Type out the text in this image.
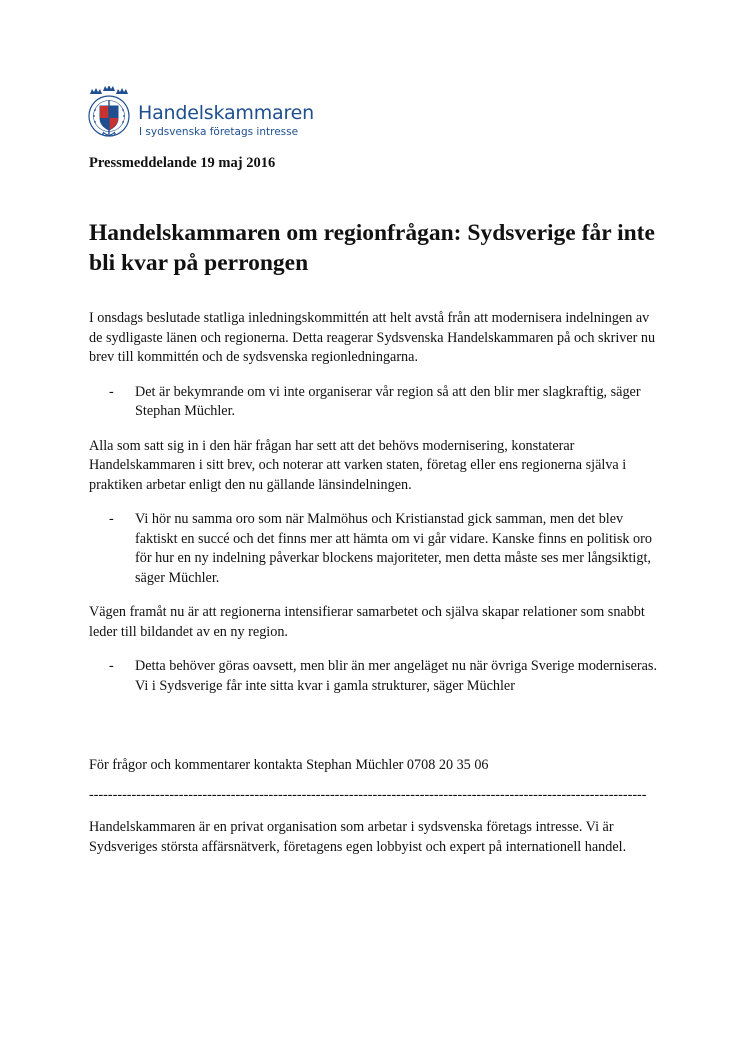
Handelskammaren
I sydsvenska företags intresse
Pressmeddelande 19 maj 2016
Handelskammaren om regionfrågan: Sydsverige får inte bli kvar på perrongen

I onsdags beslutade statliga inledningskommittén att helt avstå från att modernisera indelningen av de sydligaste länen och regionerna. Detta reagerar Sydsvenska Handelskammaren på och skriver nu brev till kommittén och de sydsvenska regionledningarna.

- Det är bekymrande om vi inte organiserar vår region så att den blir mer slagkraftig, säger Stephan Müchler.

Alla som satt sig in i den här frågan har sett att det behövs modernisering, konstaterar Handelskammaren i sitt brev, och noterar att varken staten, företag eller ens regionerna själva i praktiken arbetar enligt den nu gällande länsindelningen.

- Vi hör nu samma oro som när Malmöhus och Kristianstad gick samman, men det blev faktiskt en succé och det finns mer att hämta om vi går vidare. Kanske finns en politisk oro för hur en ny indelning påverkar blockens majoriteter, men detta måste ses mer långsiktigt, säger Müchler.

Vägen framåt nu är att regionerna intensifierar samarbetet och själva skapar relationer som snabbt leder till bildandet av en ny region.

- Detta behöver göras oavsett, men blir än mer angeläget nu när övriga Sverige moderniseras. Vi i Sydsverige får inte sitta kvar i gamla strukturer, säger Müchler
För frågor och kommentarer kontakta Stephan Müchler 0708 20 35 06
----------------------------------------------------------------------------------------------------------------------
Handelskammaren är en privat organisation som arbetar i sydsvenska företags intresse. Vi är Sydsveriges största affärsnätverk, företagens egen lobbyist och expert på internationell handel.
